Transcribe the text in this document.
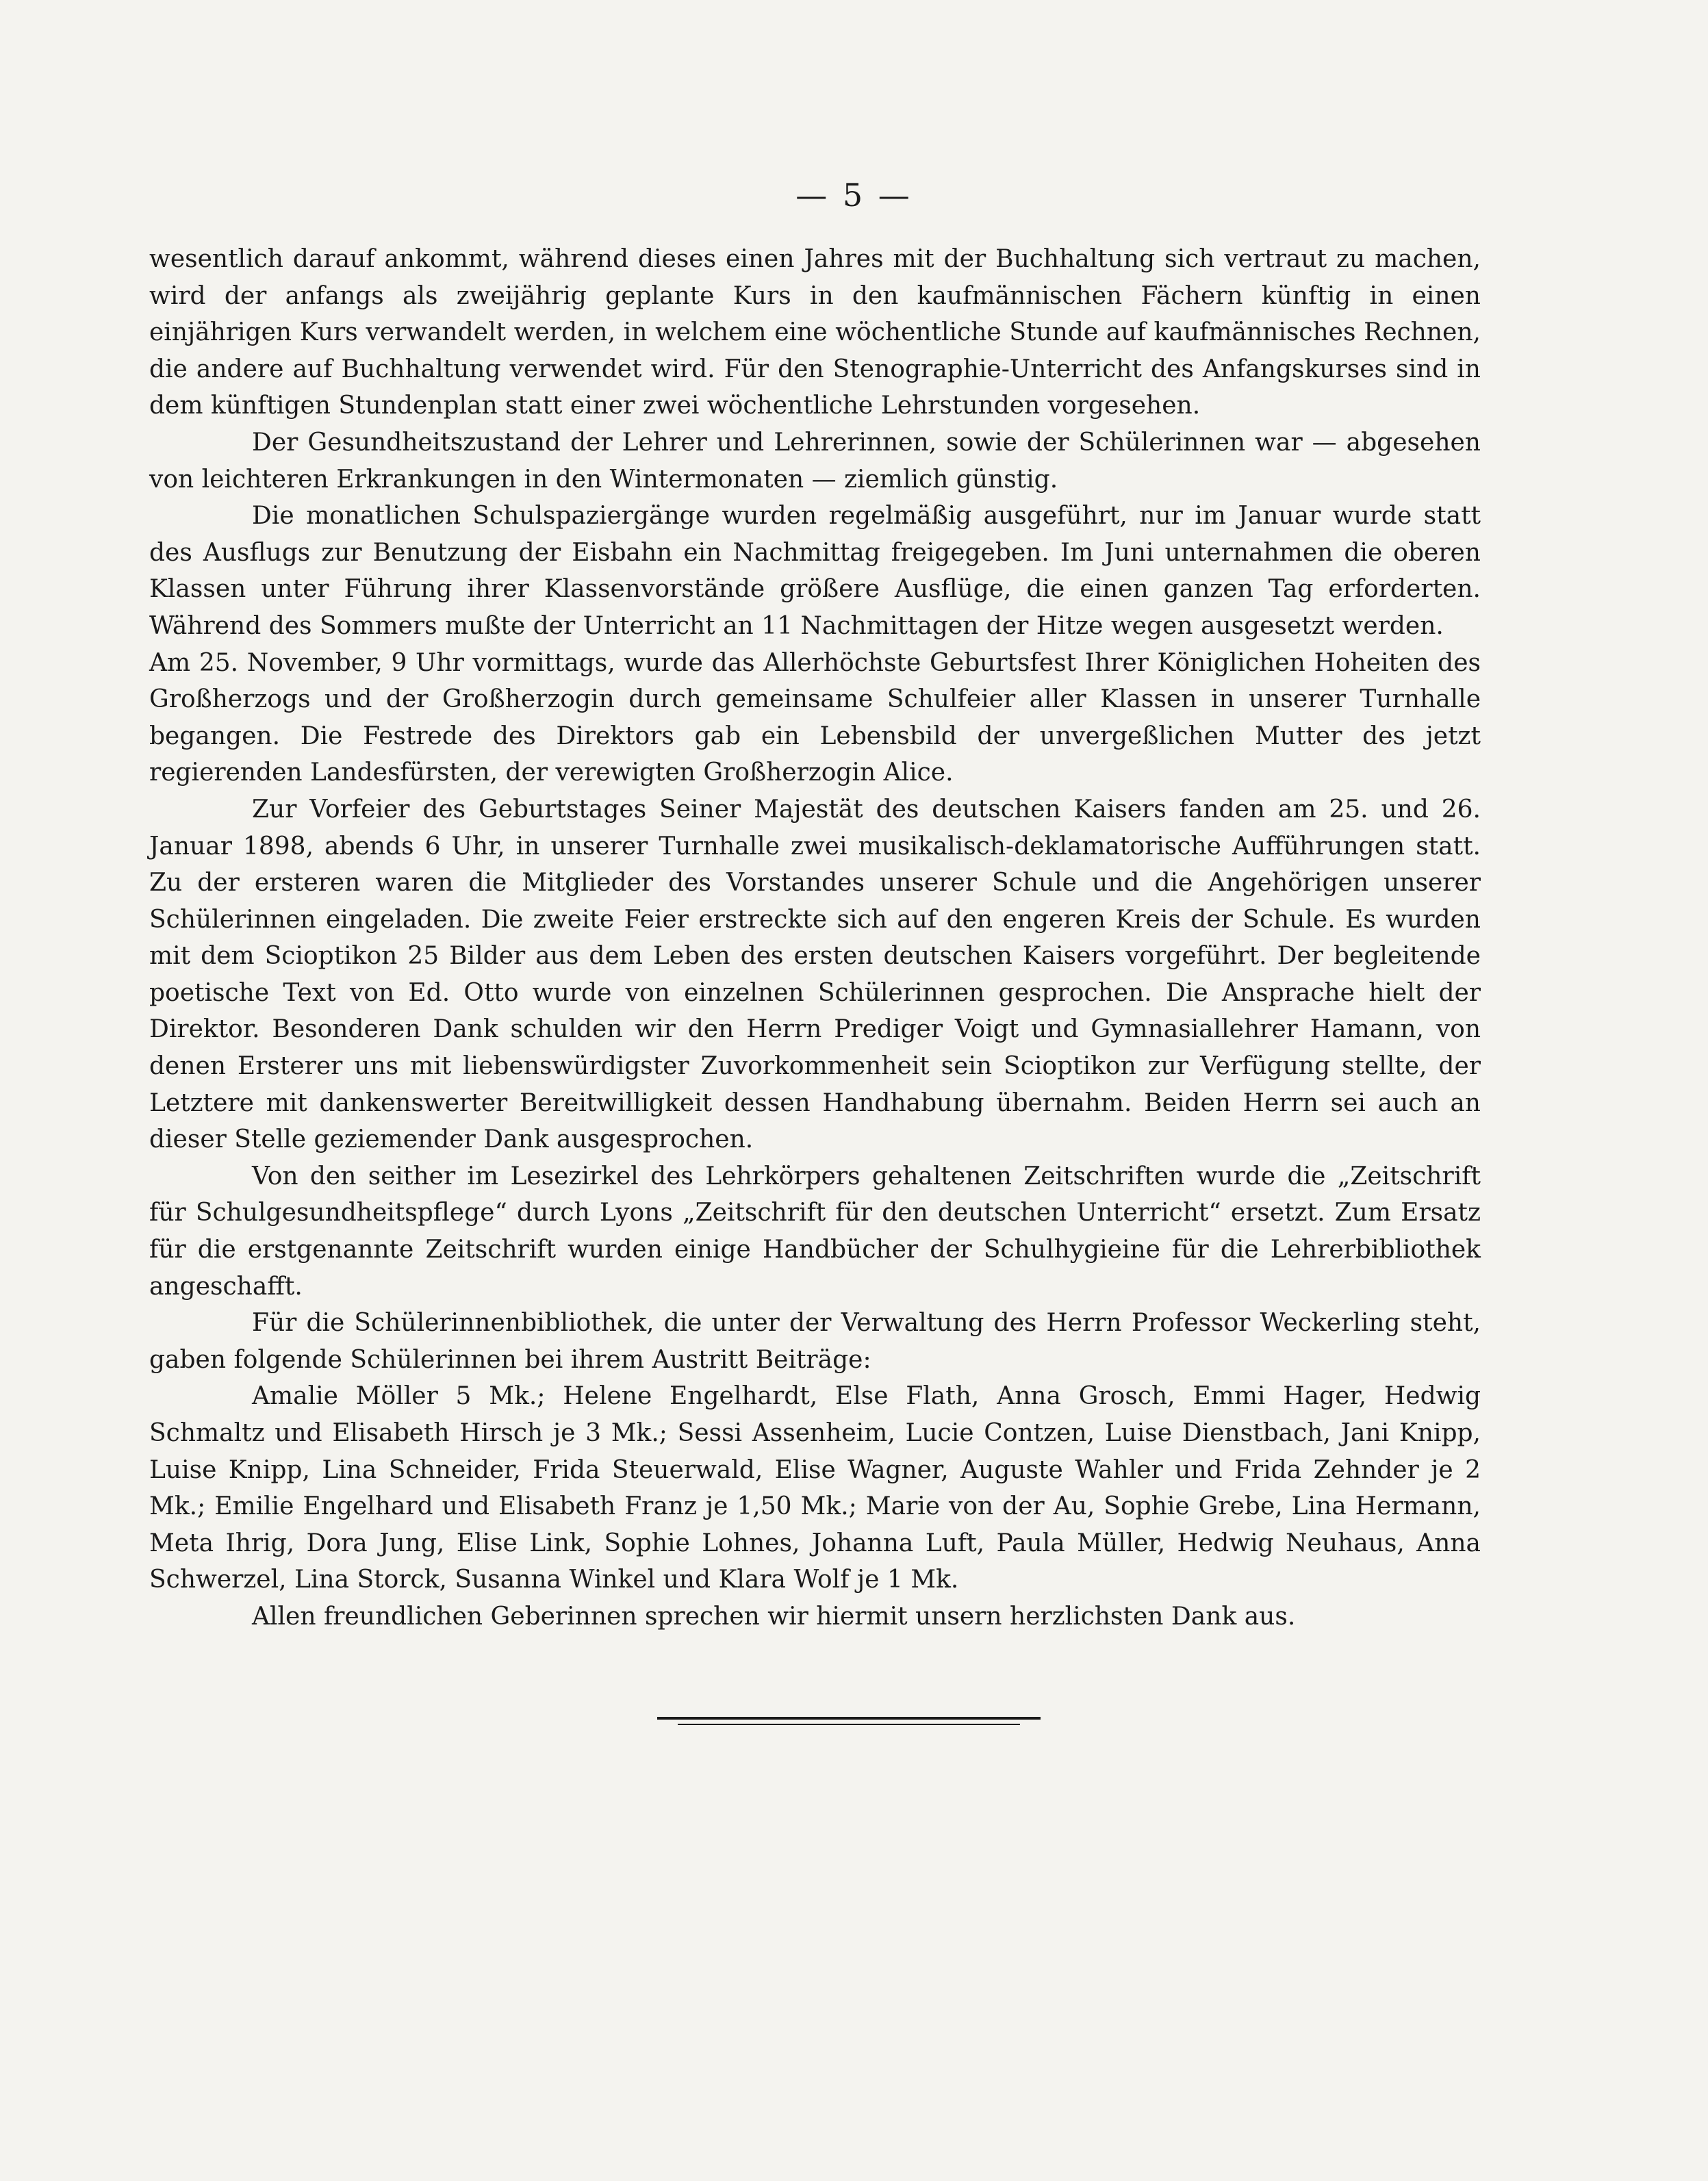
— 5 —

wesentlich darauf ankommt, während dieses einen Jahres mit der Buchhaltung sich vertraut zu machen, wird der anfangs als zweijährig geplante Kurs in den kaufmännischen Fächern künftig in einen einjährigen Kurs verwandelt werden, in welchem eine wöchentliche Stunde auf kaufmännisches Rechnen, die andere auf Buchhaltung verwendet wird. Für den Stenographie-Unterricht des Anfangskurses sind in dem künftigen Stundenplan statt einer zwei wöchentliche Lehrstunden vorgesehen.

Der Gesundheitszustand der Lehrer und Lehrerinnen, sowie der Schülerinnen war — abgesehen von leichteren Erkrankungen in den Wintermonaten — ziemlich günstig.

Die monatlichen Schulspaziergänge wurden regelmäßig ausgeführt, nur im Januar wurde statt des Ausflugs zur Benutzung der Eisbahn ein Nachmittag freigegeben. Im Juni unternahmen die oberen Klassen unter Führung ihrer Klassenvorstände größere Ausflüge, die einen ganzen Tag erforderten. Während des Sommers mußte der Unterricht an 11 Nachmittagen der Hitze wegen ausgesetzt werden.

Am 25. November, 9 Uhr vormittags, wurde das Allerhöchste Geburtsfest Ihrer Königlichen Hoheiten des Großherzogs und der Großherzogin durch gemeinsame Schulfeier aller Klassen in unserer Turnhalle begangen. Die Festrede des Direktors gab ein Lebensbild der unvergeßlichen Mutter des jetzt regierenden Landesfürsten, der verewigten Großherzogin Alice.

Zur Vorfeier des Geburtstages Seiner Majestät des deutschen Kaisers fanden am 25. und 26. Januar 1898, abends 6 Uhr, in unserer Turnhalle zwei musikalisch-deklamatorische Aufführungen statt. Zu der ersteren waren die Mitglieder des Vorstandes unserer Schule und die Angehörigen unserer Schülerinnen eingeladen. Die zweite Feier erstreckte sich auf den engeren Kreis der Schule. Es wurden mit dem Scioptikon 25 Bilder aus dem Leben des ersten deutschen Kaisers vorgeführt. Der begleitende poetische Text von Ed. Otto wurde von einzelnen Schülerinnen gesprochen. Die Ansprache hielt der Direktor. Besonderen Dank schulden wir den Herrn Prediger Voigt und Gymnasiallehrer Hamann, von denen Ersterer uns mit liebenswürdigster Zuvorkommenheit sein Scioptikon zur Verfügung stellte, der Letztere mit dankenswerter Bereitwilligkeit dessen Handhabung übernahm. Beiden Herrn sei auch an dieser Stelle geziemender Dank ausgesprochen.

Von den seither im Lesezirkel des Lehrkörpers gehaltenen Zeitschriften wurde die „Zeitschrift für Schulgesundheitspflege“ durch Lyons „Zeitschrift für den deutschen Unterricht“ ersetzt. Zum Ersatz für die erstgenannte Zeitschrift wurden einige Handbücher der Schulhygieine für die Lehrerbibliothek angeschafft.

Für die Schülerinnenbibliothek, die unter der Verwaltung des Herrn Professor Weckerling steht, gaben folgende Schülerinnen bei ihrem Austritt Beiträge:

Amalie Möller 5 Mk.; Helene Engelhardt, Else Flath, Anna Grosch, Emmi Hager, Hedwig Schmaltz und Elisabeth Hirsch je 3 Mk.; Sessi Assenheim, Lucie Contzen, Luise Dienstbach, Jani Knipp, Luise Knipp, Lina Schneider, Frida Steuerwald, Elise Wagner, Auguste Wahler und Frida Zehnder je 2 Mk.; Emilie Engelhard und Elisabeth Franz je 1,50 Mk.; Marie von der Au, Sophie Grebe, Lina Hermann, Meta Ihrig, Dora Jung, Elise Link, Sophie Lohnes, Johanna Luft, Paula Müller, Hedwig Neuhaus, Anna Schwerzel, Lina Storck, Susanna Winkel und Klara Wolf je 1 Mk.

Allen freundlichen Geberinnen sprechen wir hiermit unsern herzlichsten Dank aus.
